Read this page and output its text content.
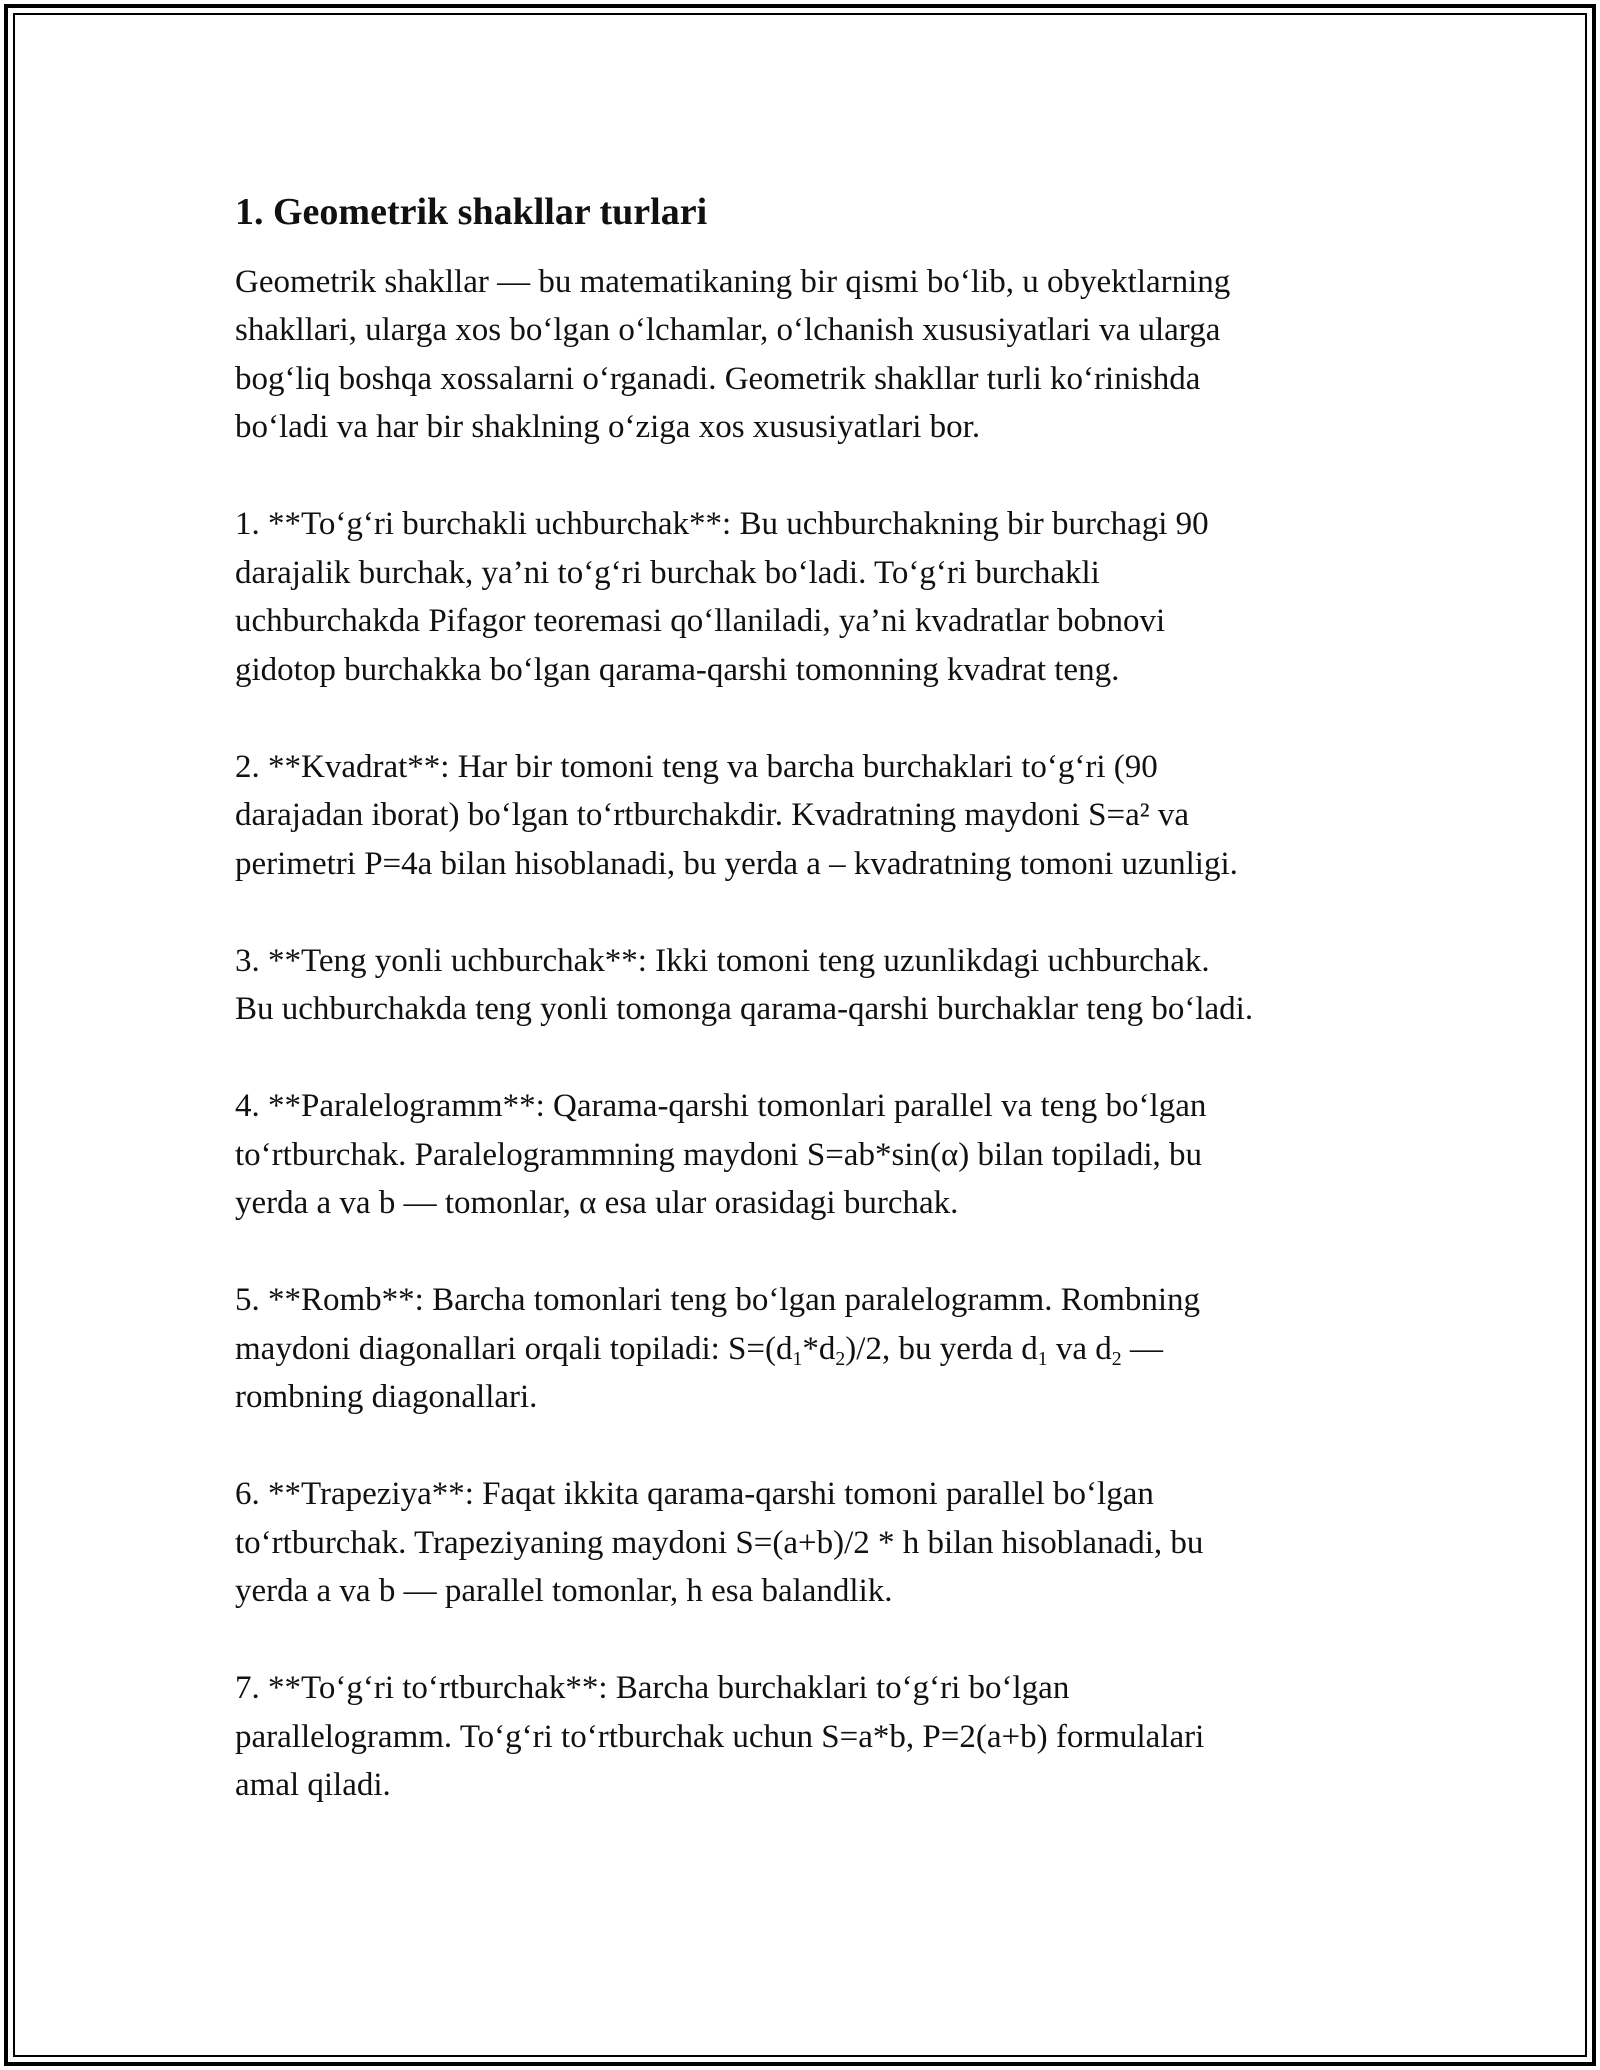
1. Geometrik shakllar turlari

Geometrik shakllar — bu matematikaning bir qismi bo‘lib, u obyektlarning
shakllari, ularga xos bo‘lgan o‘lchamlar, o‘lchanish xususiyatlari va ularga
bog‘liq boshqa xossalarni o‘rganadi. Geometrik shakllar turli ko‘rinishda
bo‘ladi va har bir shaklning o‘ziga xos xususiyatlari bor.

1. **To‘g‘ri burchakli uchburchak**: Bu uchburchakning bir burchagi 90
darajalik burchak, ya’ni to‘g‘ri burchak bo‘ladi. To‘g‘ri burchakli
uchburchakda Pifagor teoremasi qo‘llaniladi, ya’ni kvadratlar bobnovi
gidotop burchakka bo‘lgan qarama-qarshi tomonning kvadrat teng.

2. **Kvadrat**: Har bir tomoni teng va barcha burchaklari to‘g‘ri (90
darajadan iborat) bo‘lgan to‘rtburchakdir. Kvadratning maydoni S=a² va
perimetri P=4a bilan hisoblanadi, bu yerda a – kvadratning tomoni uzunligi.

3. **Teng yonli uchburchak**: Ikki tomoni teng uzunlikdagi uchburchak.
Bu uchburchakda teng yonli tomonga qarama-qarshi burchaklar teng bo‘ladi.

4. **Paralelogramm**: Qarama-qarshi tomonlari parallel va teng bo‘lgan
to‘rtburchak. Paralelogrammning maydoni S=ab*sin(α) bilan topiladi, bu
yerda a va b — tomonlar, α esa ular orasidagi burchak.

5. **Romb**: Barcha tomonlari teng bo‘lgan paralelogramm. Rombning
maydoni diagonallari orqali topiladi: $S=(d_1*d_2)/2$, bu yerda $d_1$ va $d_2$ —
rombning diagonallari.

6. **Trapeziya**: Faqat ikkita qarama-qarshi tomoni parallel bo‘lgan
to‘rtburchak. Trapeziyaning maydoni S=(a+b)/2 * h bilan hisoblanadi, bu
yerda a va b — parallel tomonlar, h esa balandlik.

7. **To‘g‘ri to‘rtburchak**: Barcha burchaklari to‘g‘ri bo‘lgan
parallelogramm. To‘g‘ri to‘rtburchak uchun S=a*b, P=2(a+b) formulalari
amal qiladi.
